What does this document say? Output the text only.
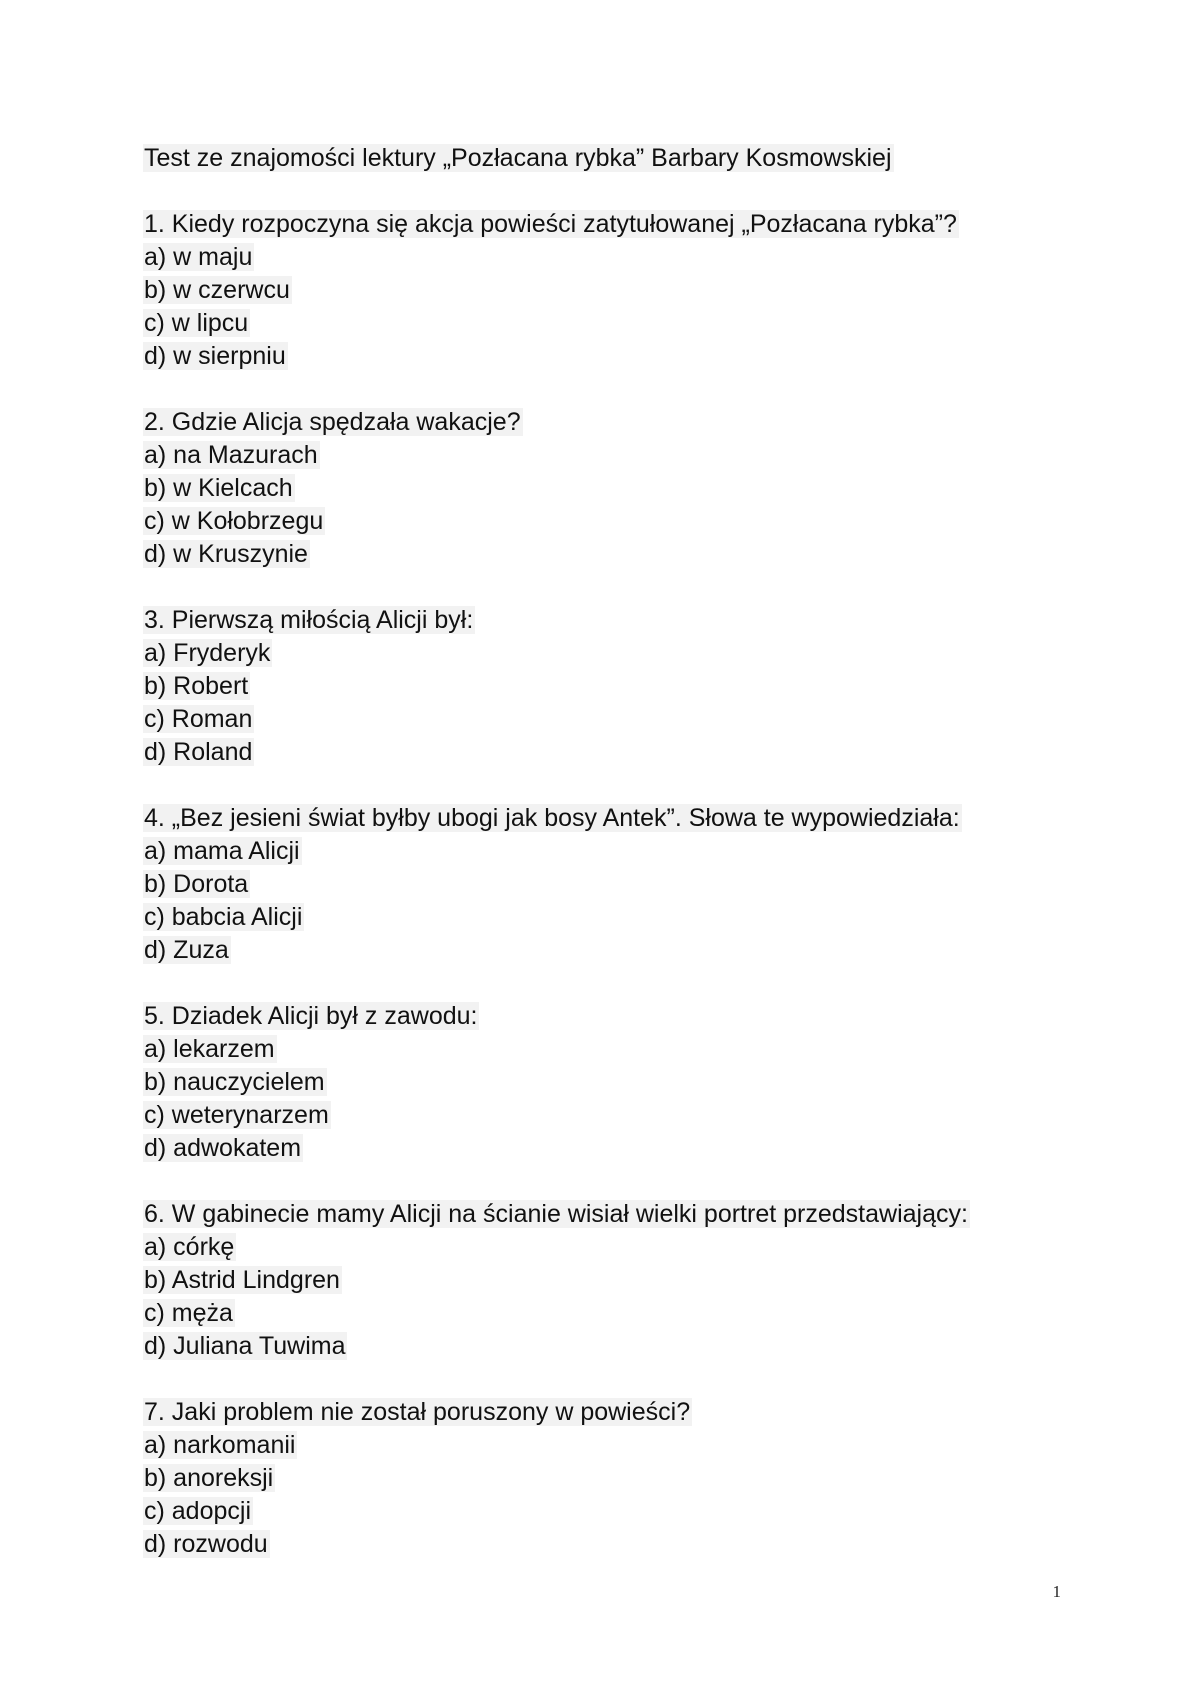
Test ze znajomości lektury „Pozłacana rybka” Barbary Kosmowskiej
1. Kiedy rozpoczyna się akcja powieści zatytułowanej „Pozłacana rybka”?
a) w maju
b) w czerwcu
c) w lipcu
d) w sierpniu
2. Gdzie Alicja spędzała wakacje?
a) na Mazurach
b) w Kielcach
c) w Kołobrzegu
d) w Kruszynie
3. Pierwszą miłością Alicji był:
a) Fryderyk
b) Robert
c) Roman
d) Roland
4. „Bez jesieni świat byłby ubogi jak bosy Antek”. Słowa te wypowiedziała:
a) mama Alicji
b) Dorota
c) babcia Alicji
d) Zuza
5. Dziadek Alicji był z zawodu:
a) lekarzem
b) nauczycielem
c) weterynarzem
d) adwokatem
6. W gabinecie mamy Alicji na ścianie wisiał wielki portret przedstawiający:
a) córkę
b) Astrid Lindgren
c) męża
d) Juliana Tuwima
7. Jaki problem nie został poruszony w powieści?
a) narkomanii
b) anoreksji
c) adopcji
d) rozwodu
1
